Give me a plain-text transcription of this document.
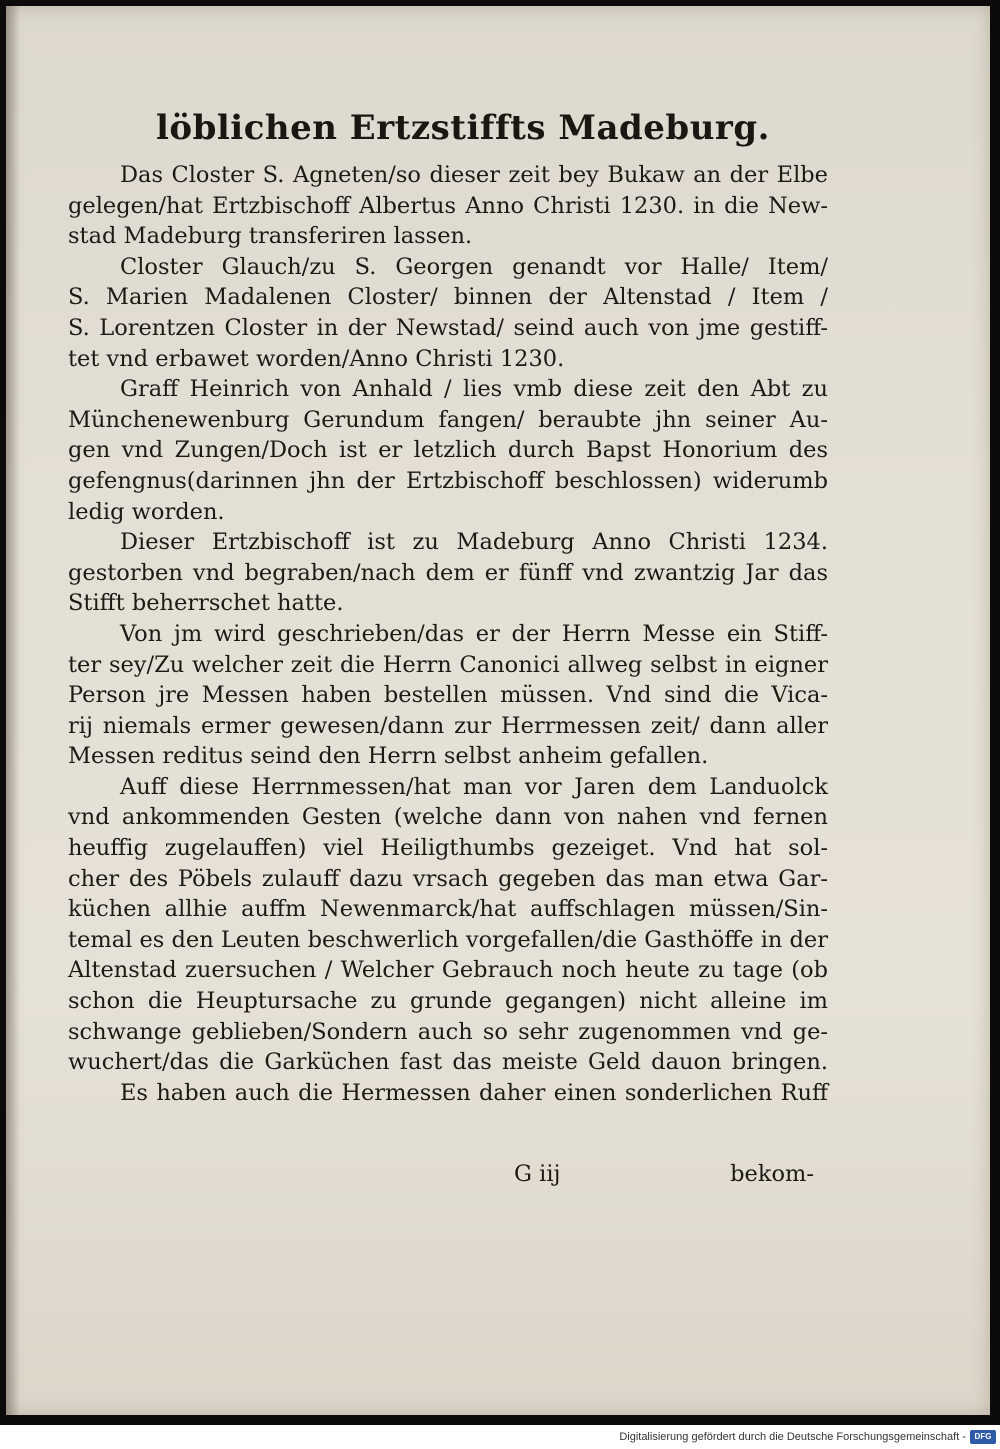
löblichen Ertzstiffts Madeburg.
Das Closter S. Agneten/so dieser zeit bey Bukaw an der Elbe
gelegen/hat Ertzbischoff Albertus Anno Christi 1230. in die New-
stad Madeburg transferiren lassen.
Closter Glauch/zu S. Georgen genandt vor Halle/ Item/
S. Marien Madalenen Closter/ binnen der Altenstad / Item /
S. Lorentzen Closter in der Newstad/ seind auch von jme gestiff-
tet vnd erbawet worden/Anno Christi 1230.
Graff Heinrich von Anhald / lies vmb diese zeit den Abt zu
Münchenewenburg Gerundum fangen/ beraubte jhn seiner Au-
gen vnd Zungen/Doch ist er letzlich durch Bapst Honorium des
gefengnus(darinnen jhn der Ertzbischoff beschlossen) widerumb
ledig worden.
Dieser Ertzbischoff ist zu Madeburg Anno Christi 1234.
gestorben vnd begraben/nach dem er fünff vnd zwantzig Jar das
Stifft beherrschet hatte.
Von jm wird geschrieben/das er der Herrn Messe ein Stiff-
ter sey/Zu welcher zeit die Herrn Canonici allweg selbst in eigner
Person jre Messen haben bestellen müssen. Vnd sind die Vica-
rij niemals ermer gewesen/dann zur Herrmessen zeit/ dann aller
Messen reditus seind den Herrn selbst anheim gefallen.
Auff diese Herrnmessen/hat man vor Jaren dem Landuolck
vnd ankommenden Gesten (welche dann von nahen vnd fernen
heuffig zugelauffen) viel Heiligthumbs gezeiget. Vnd hat sol-
cher des Pöbels zulauff dazu vrsach gegeben das man etwa Gar-
küchen allhie auffm Newenmarck/hat auffschlagen müssen/Sin-
temal es den Leuten beschwerlich vorgefallen/die Gasthöffe in der
Altenstad zuersuchen / Welcher Gebrauch noch heute zu tage (ob
schon die Heuptursache zu grunde gegangen) nicht alleine im
schwange geblieben/Sondern auch so sehr zugenommen vnd ge-
wuchert/das die Garküchen fast das meiste Geld dauon bringen.
Es haben auch die Hermessen daher einen sonderlichen Ruff
G iij	bekom-
Digitalisierung gefördert durch die Deutsche Forschungsgemeinschaft -	DFG
